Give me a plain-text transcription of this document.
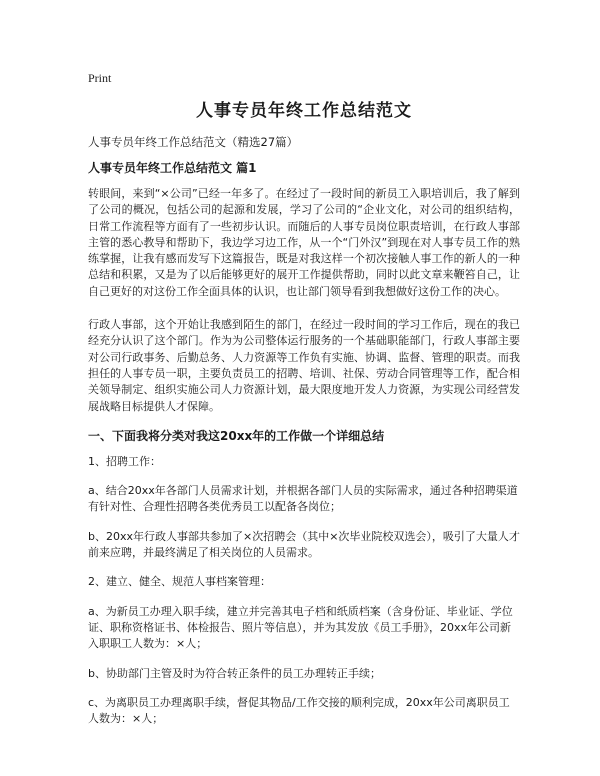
Print
人事专员年终工作总结范文
人事专员年终工作总结范文（精选27篇）
人事专员年终工作总结范文 篇1

转眼间，来到“×公司”已经一年多了。在经过了一段时间的新员工入职培训后，我了解到了公司的概况，包括公司的起源和发展，学习了公司的“企业文化，对公司的组织结构，日常工作流程等方面有了一些初步认识。而随后的人事专员岗位职责培训，在行政人事部主管的悉心教导和帮助下，我边学习边工作，从一个“门外汉”到现在对人事专员工作的熟练掌握，让我有感而发写下这篇报告，既是对我这样一个初次接触人事工作的新人的一种总结和积累，又是为了以后能够更好的展开工作提供帮助，同时以此文章来鞭笞自己，让自己更好的对这份工作全面具体的认识，也让部门领导看到我想做好这份工作的决心。

行政人事部，这个开始让我感到陌生的部门，在经过一段时间的学习工作后，现在的我已经充分认识了这个部门。作为为公司整体运行服务的一个基础职能部门，行政人事部主要对公司行政事务、后勤总务、人力资源等工作负有实施、协调、监督、管理的职责。而我担任的人事专员一职，主要负责员工的招聘、培训、社保、劳动合同管理等工作，配合相关领导制定、组织实施公司人力资源计划，最大限度地开发人力资源，为实现公司经营发展战略目标提供人才保障。

一、下面我将分类对我这20xx年的工作做一个详细总结

1、招聘工作：

a、结合20xx年各部门人员需求计划，并根据各部门人员的实际需求，通过各种招聘渠道有针对性、合理性招聘各类优秀员工以配备各岗位；

b、20xx年行政人事部共参加了×次招聘会（其中×次毕业院校双选会），吸引了大量人才前来应聘，并最终满足了相关岗位的人员需求。

2、建立、健全、规范人事档案管理：

a、为新员工办理入职手续，建立并完善其电子档和纸质档案（含身份证、毕业证、学位证、职称资格证书、体检报告、照片等信息），并为其发放《员工手册》，20xx年公司新入职职工人数为：×人；

b、协助部门主管及时为符合转正条件的员工办理转正手续；

c、为离职员工办理离职手续，督促其物品/工作交接的顺利完成，20xx年公司离职员工人数为：×人；
